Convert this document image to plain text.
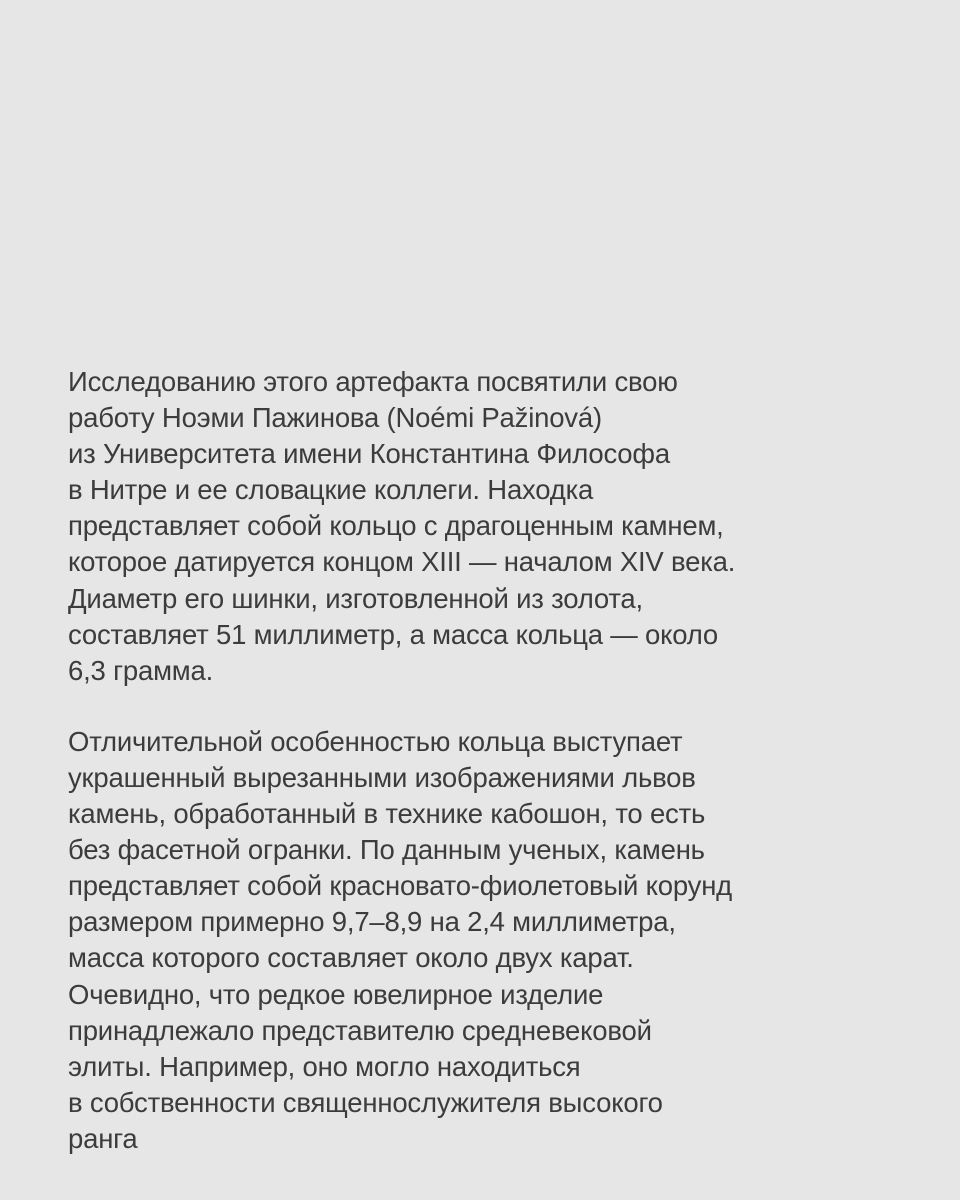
Исследованию этого артефакта посвятили свою
работу Ноэми Пажинова (Noémi Pažinová)
из Университета имени Константина Философа
в Нитре и ее словацкие коллеги. Находка
представляет собой кольцо с драгоценным камнем,
которое датируется концом XIII — началом XIV века.
Диаметр его шинки, изготовленной из золота,
составляет 51 миллиметр, а масса кольца — около
6,3 грамма.

Отличительной особенностью кольца выступает
украшенный вырезанными изображениями львов
камень, обработанный в технике кабошон, то есть
без фасетной огранки. По данным ученых, камень
представляет собой красновато-фиолетовый корунд
размером примерно 9,7–8,9 на 2,4 миллиметра,
масса которого составляет около двух карат.
Очевидно, что редкое ювелирное изделие
принадлежало представителю средневековой
элиты. Например, оно могло находиться
в собственности священнослужителя высокого
ранга
